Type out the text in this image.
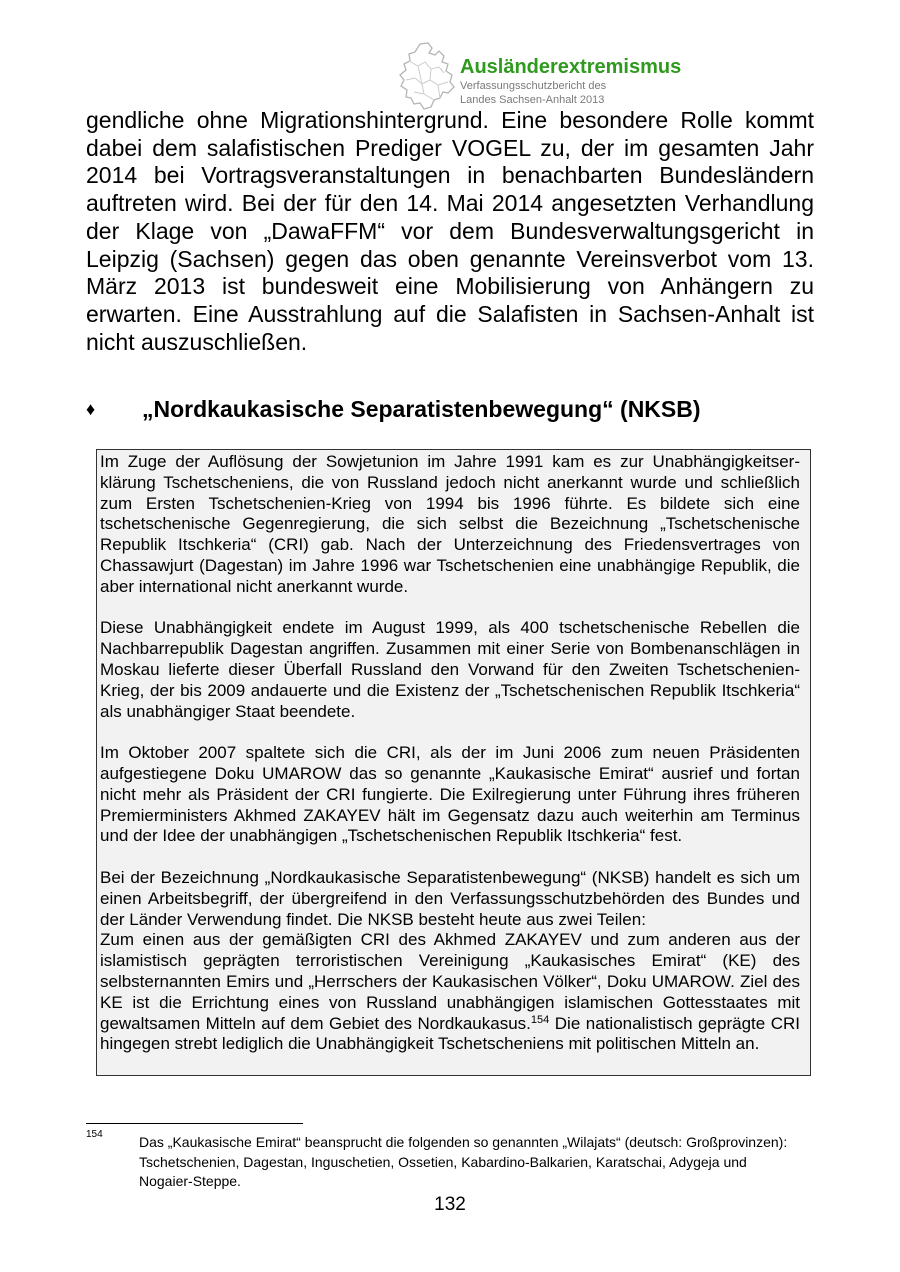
Ausländerextremismus
Verfassungsschutzbericht des
Landes Sachsen-Anhalt 2013

gendliche ohne Migrationshintergrund. Eine besondere Rolle kommt dabei dem salafistischen Prediger VOGEL zu, der im gesamten Jahr 2014 bei Vortragsveranstaltungen in benachbarten Bundesländern auftreten wird. Bei der für den 14. Mai 2014 angesetzten Verhandlung der Klage von „DawaFFM“ vor dem Bundesverwaltungsgericht in Leipzig (Sachsen) gegen das oben genannte Vereinsverbot vom 13. März 2013 ist bundesweit eine Mobilisierung von Anhängern zu erwarten. Eine Ausstrahlung auf die Salafisten in Sachsen-Anhalt ist nicht auszuschließen.

♦ „Nordkaukasische Separatistenbewegung“ (NKSB)

Im Zuge der Auflösung der Sowjetunion im Jahre 1991 kam es zur Unabhängigkeitserklärung Tschetscheniens, die von Russland jedoch nicht anerkannt wurde und schließlich zum Ersten Tschetschenien-Krieg von 1994 bis 1996 führte. Es bildete sich eine tschetschenische Gegenregierung, die sich selbst die Bezeichnung „Tschetschenische Republik Itschkeria“ (CRI) gab. Nach der Unterzeichnung des Friedensvertrages von Chassawjurt (Dagestan) im Jahre 1996 war Tschetschenien eine unabhängige Republik, die aber international nicht anerkannt wurde.

Diese Unabhängigkeit endete im August 1999, als 400 tschetschenische Rebellen die Nachbarrepublik Dagestan angriffen. Zusammen mit einer Serie von Bombenanschlägen in Moskau lieferte dieser Überfall Russland den Vorwand für den Zweiten Tschetschenien-Krieg, der bis 2009 andauerte und die Existenz der „Tschetschenischen Republik Itschkeria“ als unabhängiger Staat beendete.

Im Oktober 2007 spaltete sich die CRI, als der im Juni 2006 zum neuen Präsidenten aufgestiegene Doku UMAROW das so genannte „Kaukasische Emirat“ ausrief und fortan nicht mehr als Präsident der CRI fungierte. Die Exilregierung unter Führung ihres früheren Premierministers Akhmed ZAKAYEV hält im Gegensatz dazu auch weiterhin am Terminus und der Idee der unabhängigen „Tschetschenischen Republik Itschkeria“ fest.

Bei der Bezeichnung „Nordkaukasische Separatistenbewegung“ (NKSB) handelt es sich um einen Arbeitsbegriff, der übergreifend in den Verfassungsschutzbehörden des Bundes und der Länder Verwendung findet. Die NKSB besteht heute aus zwei Teilen:

Zum einen aus der gemäßigten CRI des Akhmed ZAKAYEV und zum anderen aus der islamistisch geprägten terroristischen Vereinigung „Kaukasisches Emirat“ (KE) des selbsternannten Emirs und „Herrschers der Kaukasischen Völker“, Doku UMAROW. Ziel des KE ist die Errichtung eines von Russland unabhängigen islamischen Gottesstaates mit gewaltsamen Mitteln auf dem Gebiet des Nordkaukasus.$^{154}$ Die nationalistisch geprägte CRI hingegen strebt lediglich die Unabhängigkeit Tschetscheniens mit politischen Mitteln an.

154	Das „Kaukasische Emirat“ beansprucht die folgenden so genannten „Wilajats“ (deutsch: Großprovinzen): Tschetschenien, Dagestan, Inguschetien, Ossetien, Kabardino-Balkarien, Karatschai, Adygeja und Nogaier-Steppe.

132
